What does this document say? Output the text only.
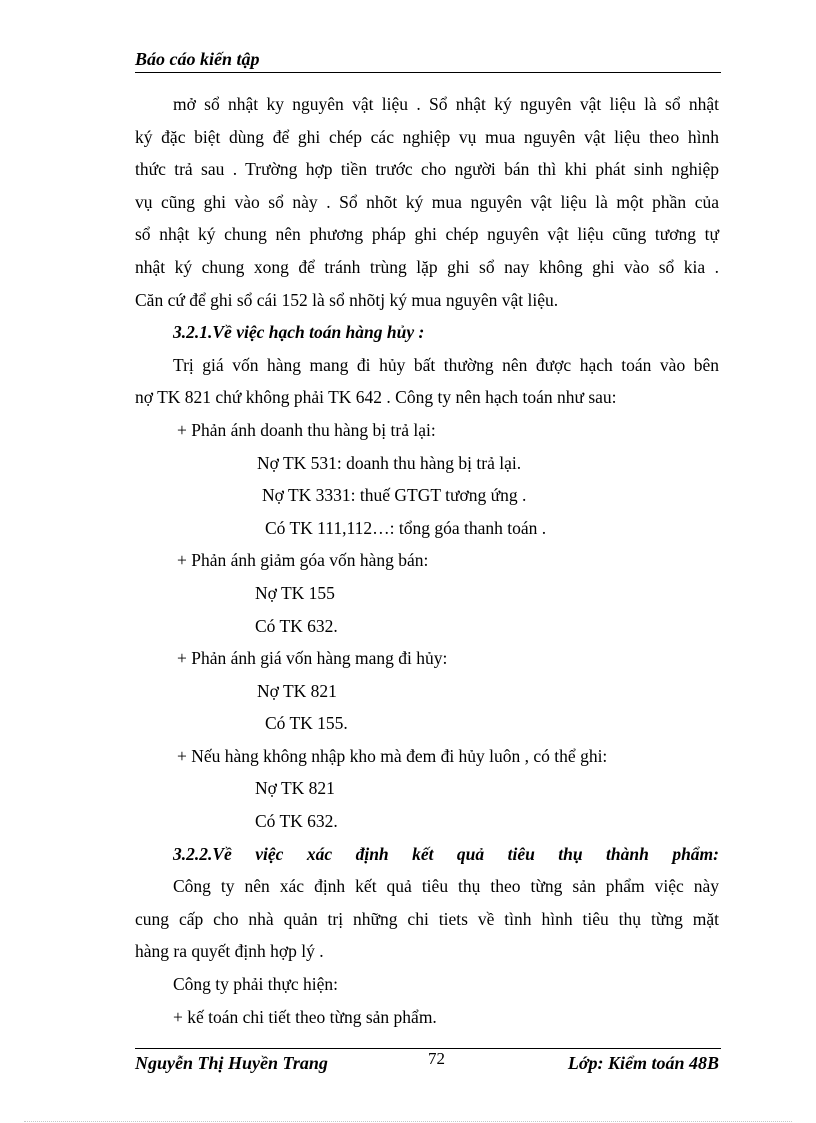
Báo cáo kiến tập
mở sổ nhật ky nguyên vật liệu . Sổ nhật ký nguyên vật liệu là sổ nhật
ký đặc biệt dùng để ghi chép các nghiệp vụ mua nguyên vật liệu theo hình
thức trả sau . Trường hợp tiền trước cho người bán thì khi phát sinh nghiệp
vụ cũng ghi vào sổ này . Sổ nhõt ký mua nguyên vật liệu là một phần của
sổ nhật ký chung nên phương pháp ghi chép nguyên vật liệu cũng tương tự
nhật ký chung xong để tránh trùng lặp ghi sổ nay không ghi vào sổ kia .
Căn cứ để ghi sổ cái 152 là sổ nhõtj ký mua nguyên vật liệu.
3.2.1.Về việc hạch toán hàng hủy :
Trị giá vốn hàng mang đi hủy bất thường nên được hạch toán vào bên
nợ TK 821 chứ không phải TK 642 . Công ty nên hạch toán như sau:
+ Phản ánh doanh thu hàng bị trả lại:
Nợ TK 531: doanh thu hàng bị trả lại.
Nợ TK 3331: thuế GTGT tương ứng .
Có TK 111,112…: tổng góa thanh toán .
+ Phản ánh giảm góa vốn hàng bán:
Nợ TK 155
Có TK 632.
+ Phản ánh giá vốn hàng mang đi hủy:
Nợ TK 821
Có TK 155.
+ Nếu hàng không nhập kho mà đem đi hủy luôn , có thể ghi:
Nợ TK 821
Có TK 632.
3.2.2.Về việc xác định kết quả tiêu thụ thành phẩm:
Công ty nên xác định kết quả tiêu thụ theo từng sản phẩm việc này
cung cấp cho nhà quản trị những chi tiets về tình hình tiêu thụ từng mặt
hàng ra quyết định hợp lý .
Công ty phải thực hiện:
+ kế toán chi tiết theo từng sản phẩm.
Nguyễn Thị Huyền Trang	72	Lớp: Kiểm toán 48B
